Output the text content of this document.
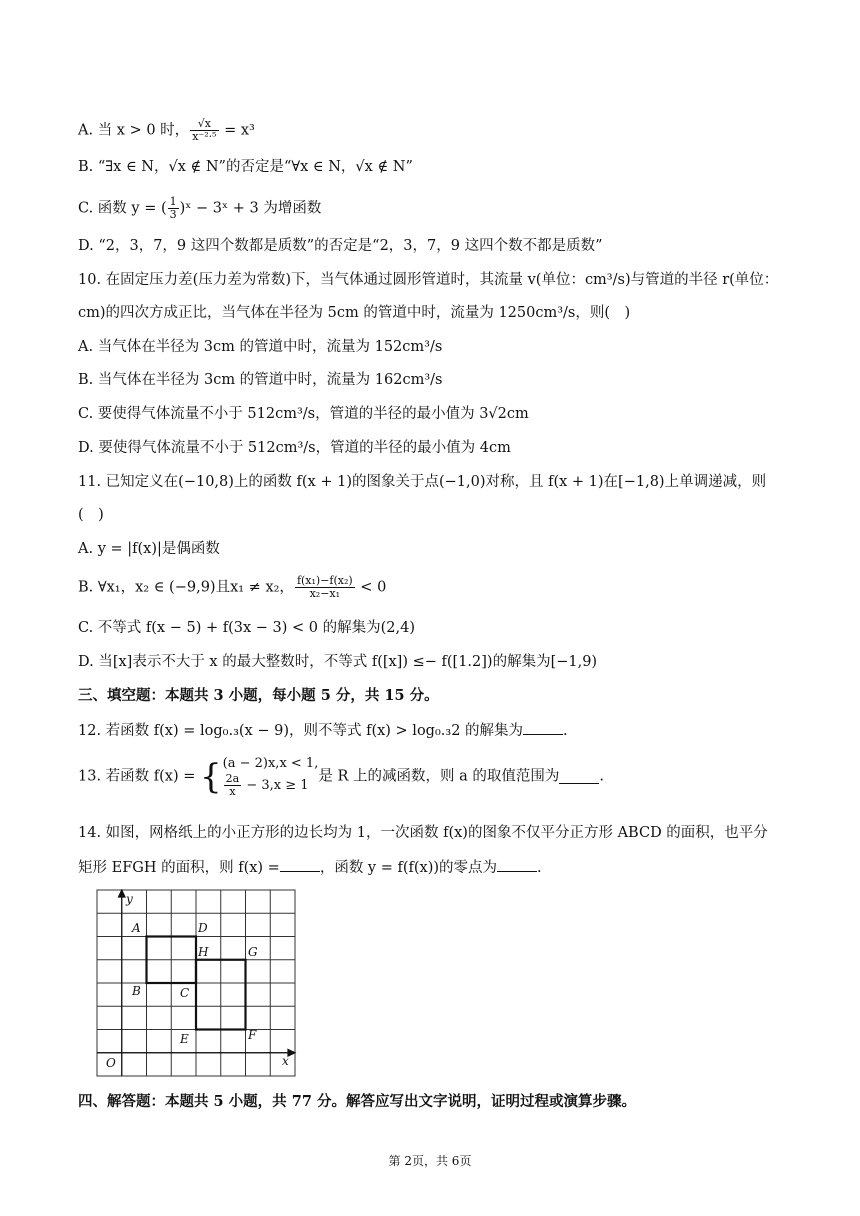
A. 当 x > 0 时， $\frac{√x}{\text{x⁻²·⁵}} = x^3$
B. “∃x ∈ N，√x ∉ N”的否定是“∀x ∈ N，√x ∉ N”
C. 函数 y = ( $\frac{1}{3}$ )ˣ − 3ˣ + 3 为增函数
D. “2，3，7，9 这四个数都是质数”的否定是“2，3，7，9 这四个数不都是质数”
10. 在固定压力差(压力差为常数)下，当气体通过圆形管道时，其流量 v(单位：cm³/s)与管道的半径 r(单位：
cm)的四次方成正比，当气体在半径为 5cm 的管道中时，流量为 1250cm³/s，则(　)
A. 当气体在半径为 3cm 的管道中时，流量为 152cm³/s
B. 当气体在半径为 3cm 的管道中时，流量为 162cm³/s
C. 要使得气体流量不小于 512cm³/s，管道的半径的最小值为 3√2cm
D. 要使得气体流量不小于 512cm³/s，管道的半径的最小值为 4cm
11. 已知定义在(−10,8)上的函数 f(x + 1)的图象关于点(−1,0)对称，且 f(x + 1)在[−1,8)上单调递减，则
(　)
A. y = |f(x)|是偶函数
B. ∀x₁，x₂ ∈ (−9,9)且x₁ ≠ x₂， $\frac{\text{f(x₁)−f(x₂)}}{\text{x₂−x₁}} < 0$
C. 不等式 f(x − 5) + f(3x − 3) < 0 的解集为(2,4)
D. 当[x]表示不大于 x 的最大整数时，不等式 f([x]) ≤− f([1.2])的解集为[−1,9)
三、填空题：本题共 3 小题，每小题 5 分，共 15 分。
12. 若函数 f(x) = log₀.₃(x − 9)，则不等式 f(x) > log₀.₃2 的解集为	.
13. 若函数 f(x) = { (a − 2)x,x < 1,
$\frac{2a}{x} - 3,x \ge 1$
是 R 上的减函数，则 a 的取值范围为	.
14. 如图，网格纸上的小正方形的边长均为 1，一次函数 f(x)的图象不仅平分正方形 ABCD 的面积，也平分
矩形 EFGH 的面积，则 f(x) =	，函数 y = f(f(x))的零点为	.
y
A	D
H	G
B	C
E	F
O	x
四、解答题：本题共 5 小题，共 77 分。解答应写出文字说明，证明过程或演算步骤。
第 2页，共 6页
